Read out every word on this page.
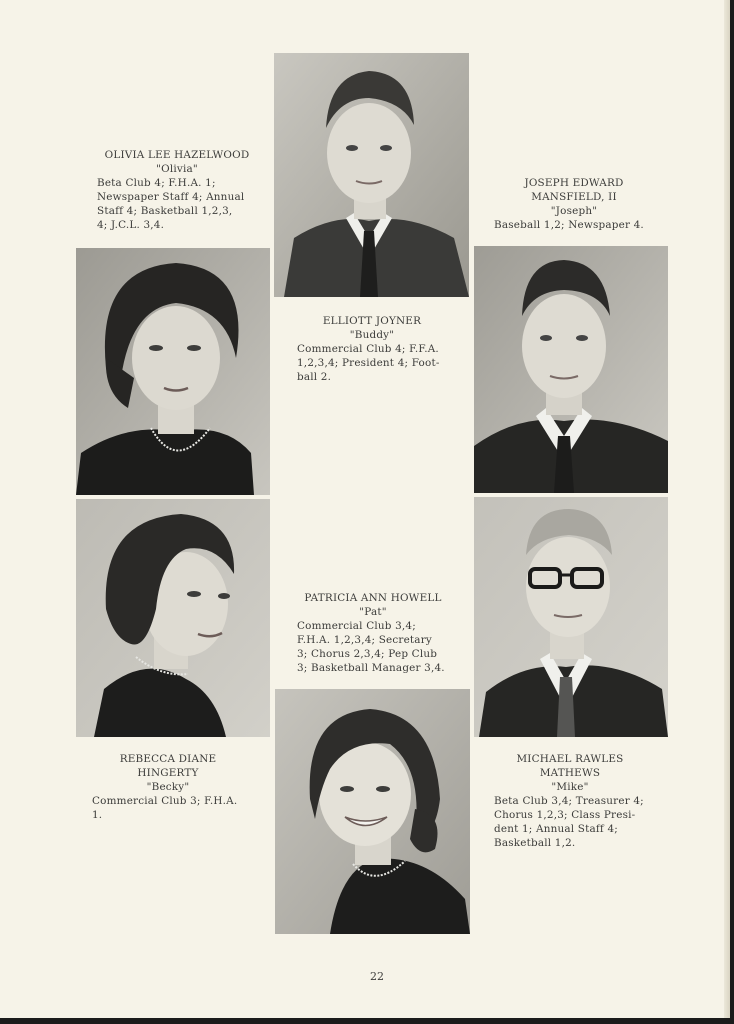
OLIVIA LEE HAZELWOOD
"Olivia"
Beta Club 4; F.H.A. 1;
Newspaper Staff 4; Annual
Staff 4; Basketball 1,2,3,
4; J.C.L. 3,4.
JOSEPH EDWARD
MANSFIELD, II
"Joseph"
Baseball 1,2; Newspaper 4.
ELLIOTT JOYNER
"Buddy"
Commercial Club 4; F.F.A.
1,2,3,4; President 4; Foot-
ball 2.
PATRICIA ANN HOWELL
"Pat"
Commercial Club 3,4;
F.H.A. 1,2,3,4; Secretary
3; Chorus 2,3,4; Pep Club
3; Basketball Manager 3,4.
REBECCA DIANE
HINGERTY
"Becky"
Commercial Club 3; F.H.A.
1.
MICHAEL RAWLES
MATHEWS
"Mike"
Beta Club 3,4; Treasurer 4;
Chorus 1,2,3; Class Presi-
dent 1; Annual Staff 4;
Basketball 1,2.
22
